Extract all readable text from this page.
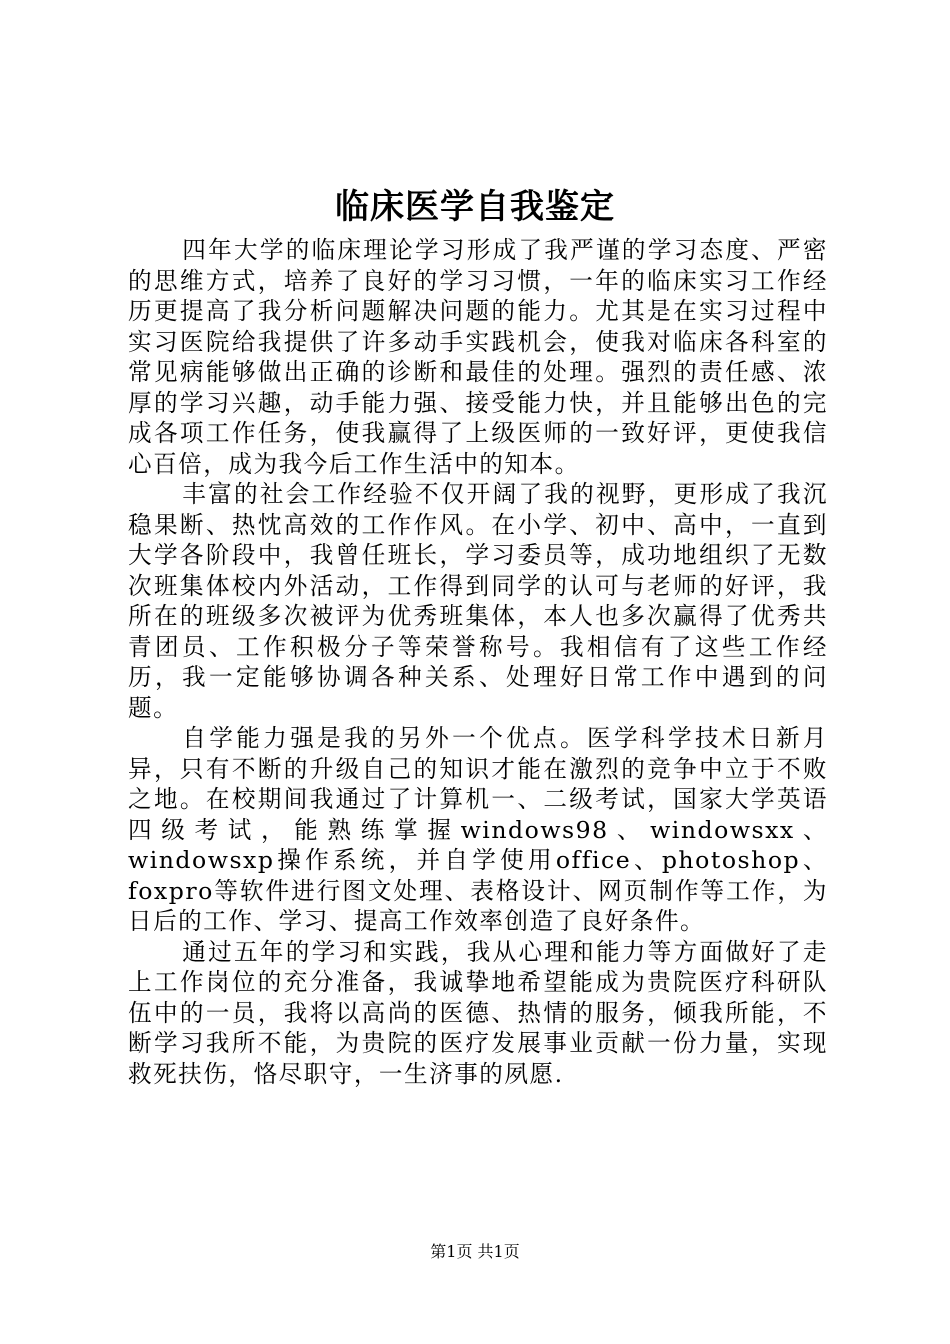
临床医学自我鉴定

四年大学的临床理论学习形成了我严谨的学习态度、严密的思维方式，培养了良好的学习习惯，一年的临床实习工作经历更提高了我分析问题解决问题的能力。尤其是在实习过程中实习医院给我提供了许多动手实践机会，使我对临床各科室的常见病能够做出正确的诊断和最佳的处理。强烈的责任感、浓厚的学习兴趣，动手能力强、接受能力快，并且能够出色的完成各项工作任务，使我赢得了上级医师的一致好评，更使我信心百倍，成为我今后工作生活中的知本。

丰富的社会工作经验不仅开阔了我的视野，更形成了我沉稳果断、热忱高效的工作作风。在小学、初中、高中，一直到大学各阶段中，我曾任班长，学习委员等，成功地组织了无数次班集体校内外活动，工作得到同学的认可与老师的好评，我所在的班级多次被评为优秀班集体，本人也多次赢得了优秀共青团员、工作积极分子等荣誉称号。我相信有了这些工作经历，我一定能够协调各种关系、处理好日常工作中遇到的问题。

自学能力强是我的另外一个优点。医学科学技术日新月异，只有不断的升级自己的知识才能在激烈的竞争中立于不败之地。在校期间我通过了计算机一、二级考试，国家大学英语四级考试，能熟练掌握windows98、windowsxx、windowsxp操作系统，并自学使用office、photoshop、foxpro等软件进行图文处理、表格设计、网页制作等工作，为日后的工作、学习、提高工作效率创造了良好条件。

通过五年的学习和实践，我从心理和能力等方面做好了走上工作岗位的充分准备，我诚挚地希望能成为贵院医疗科研队伍中的一员，我将以高尚的医德、热情的服务，倾我所能，不断学习我所不能，为贵院的医疗发展事业贡献一份力量，实现救死扶伤，恪尽职守，一生济事的夙愿.

第1页 共1页
